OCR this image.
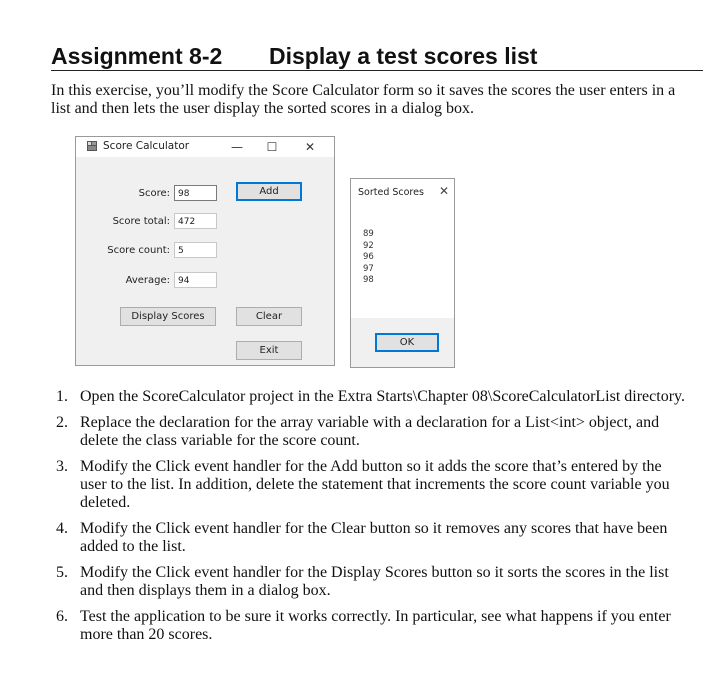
Assignment 8-2 Display a test scores list
In this exercise, you’ll modify the Score Calculator form so it saves the scores the user enters in a list and then lets the user display the sorted scores in a dialog box.
Score Calculator	— ☐ ✕
Score: 98
Score total: 472
Score count: 5
Average: 94
Add
Display Scores	Clear
Exit
Sorted Scores ✕
89
92
96
97
98
OK
1. Open the ScoreCalculator project in the Extra Starts\Chapter 08\ScoreCalculatorList directory.
2. Replace the declaration for the array variable with a declaration for a List<int> object, and delete the class variable for the score count.
3. Modify the Click event handler for the Add button so it adds the score that’s entered by the user to the list. In addition, delete the statement that increments the score count variable you deleted.
4. Modify the Click event handler for the Clear button so it removes any scores that have been added to the list.
5. Modify the Click event handler for the Display Scores button so it sorts the scores in the list and then displays them in a dialog box.
6. Test the application to be sure it works correctly. In particular, see what happens if you enter more than 20 scores.
